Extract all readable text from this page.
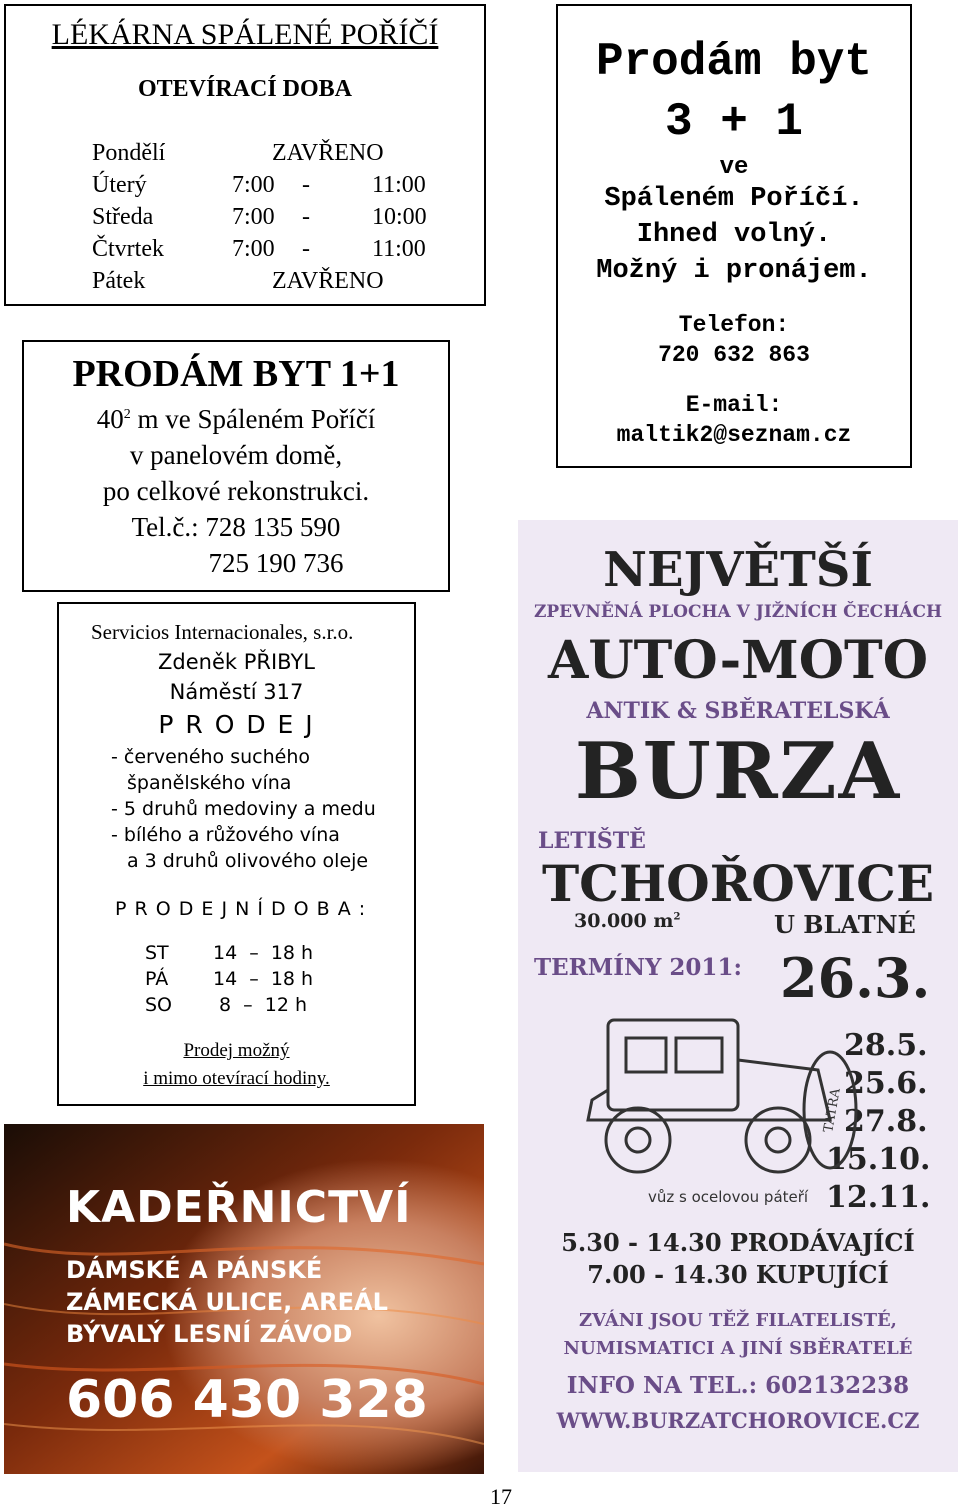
LÉKÁRNA SPÁLENÉ POŘÍČÍ
OTEVÍRACÍ DOBA
Pondělí	ZAVŘENO
Úterý	7:00 -	11:00
Středa	7:00 -	10:00
Čtvrtek	7:00 -	11:00
Pátek	ZAVŘENO
PRODÁM BYT 1+1
$40^2$ m ve Spáleném Poříčí
v panelovém domě,
po celkové rekonstrukci.
Tel.č.: 728 135 590
725 190 736
Prodám byt
3 + 1
ve
Spáleném Poříčí.
Ihned volný.
Možný i pronájem.
Telefon:
720 632 863
E-mail:
maltik2@seznam.cz
Servicios Internacionales, s.r.o.
Zdeněk PŘIBYL
Náměstí 317
P R O D E J
- červeného suchého
španělského vína
- 5 druhů medoviny a medu
- bílého a růžového vína
a 3 druhů olivového oleje
P R O D E J N Í D O B A :
ST 14  –  18 h
PÁ 14  –  18 h
SO 8  –  12 h
Prodej možný
i mimo otevírací hodiny.
KADEŘNICTVÍ
DÁMSKÉ A PÁNSKÉ
ZÁMECKÁ ULICE, AREÁL
BÝVALÝ LESNÍ ZÁVOD
606 430 328
NEJVĚTŠÍ
ZPEVNĚNÁ PLOCHA V JIŽNÍCH ČECHÁCH
AUTO-MOTO
ANTIK & SBĚRATELSKÁ
BURZA
LETIŠTĚ
TCHOŘOVICE
30.000 $m^2$	U BLATNÉ
TERMÍNY 2011: 26.3.
28.5.
25.6.
27.8.
15.10.
12.11.
TATRA
vůz s ocelovou páteří
5.30 - 14.30 PRODÁVAJÍCÍ
7.00 - 14.30 KUPUJÍCÍ
ZVÁNI JSOU TĚŽ FILATELISTÉ,
NUMISMATICI A JINÍ SBĚRATELÉ
INFO NA TEL.: 602132238
WWW.BURZATCHOROVICE.CZ
17
